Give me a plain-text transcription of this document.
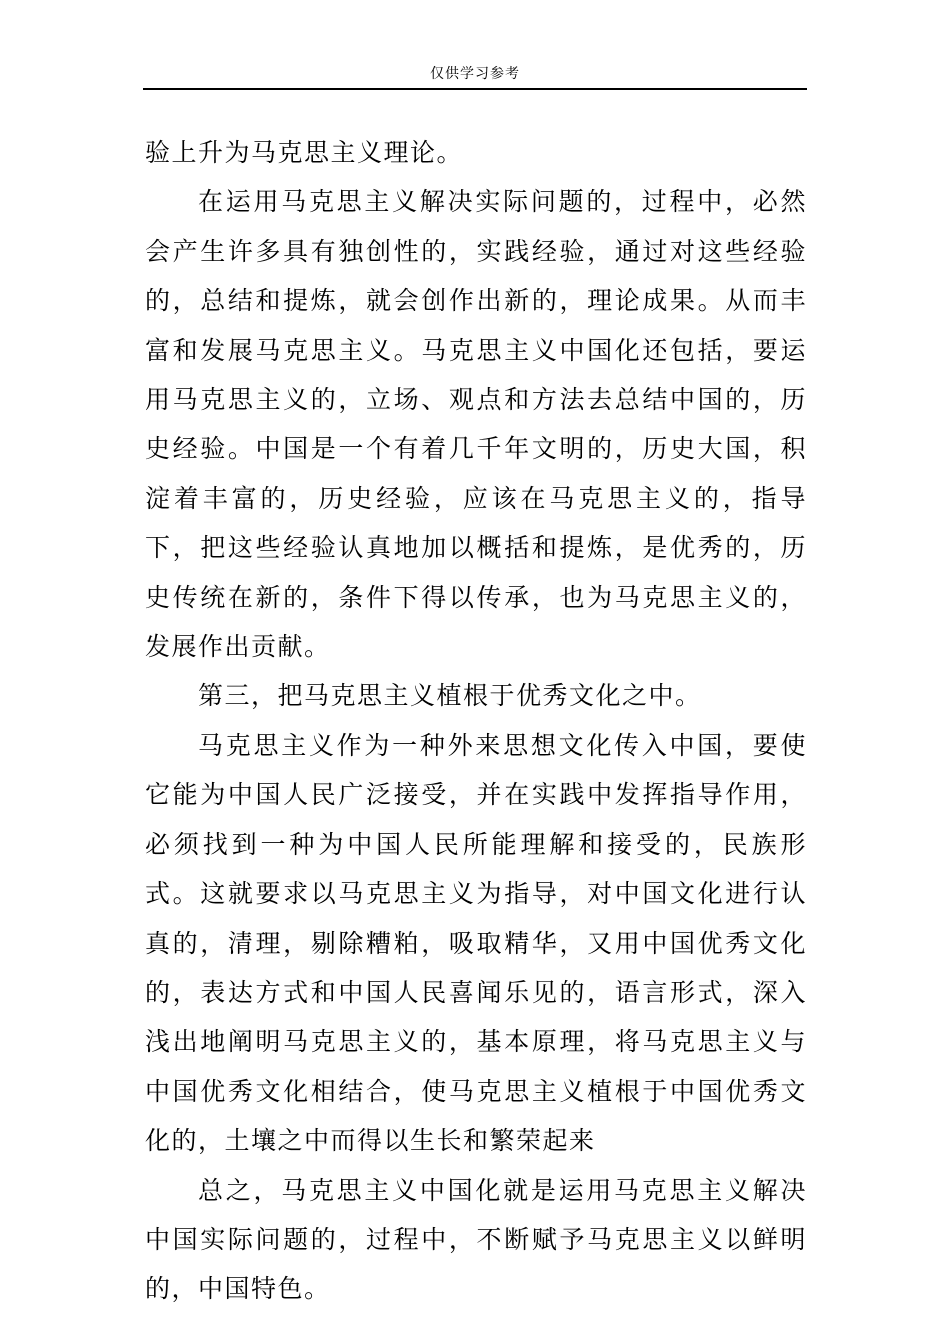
仅供学习参考

验上升为马克思主义理论。

在运用马克思主义解决实际问题的，过程中，必然会产生许多具有独创性的，实践经验，通过对这些经验的，总结和提炼，就会创作出新的，理论成果。从而丰富和发展马克思主义。马克思主义中国化还包括，要运用马克思主义的，立场、观点和方法去总结中国的，历史经验。中国是一个有着几千年文明的，历史大国，积淀着丰富的，历史经验，应该在马克思主义的，指导下，把这些经验认真地加以概括和提炼，是优秀的，历史传统在新的，条件下得以传承，也为马克思主义的，发展作出贡献。

第三，把马克思主义植根于优秀文化之中。

马克思主义作为一种外来思想文化传入中国，要使它能为中国人民广泛接受，并在实践中发挥指导作用，必须找到一种为中国人民所能理解和接受的，民族形式。这就要求以马克思主义为指导，对中国文化进行认真的，清理，剔除糟粕，吸取精华，又用中国优秀文化的，表达方式和中国人民喜闻乐见的，语言形式，深入浅出地阐明马克思主义的，基本原理，将马克思主义与中国优秀文化相结合，使马克思主义植根于中国优秀文化的，土壤之中而得以生长和繁荣起来

总之，马克思主义中国化就是运用马克思主义解决中国实际问题的，过程中，不断赋予马克思主义以鲜明的，中国特色。
